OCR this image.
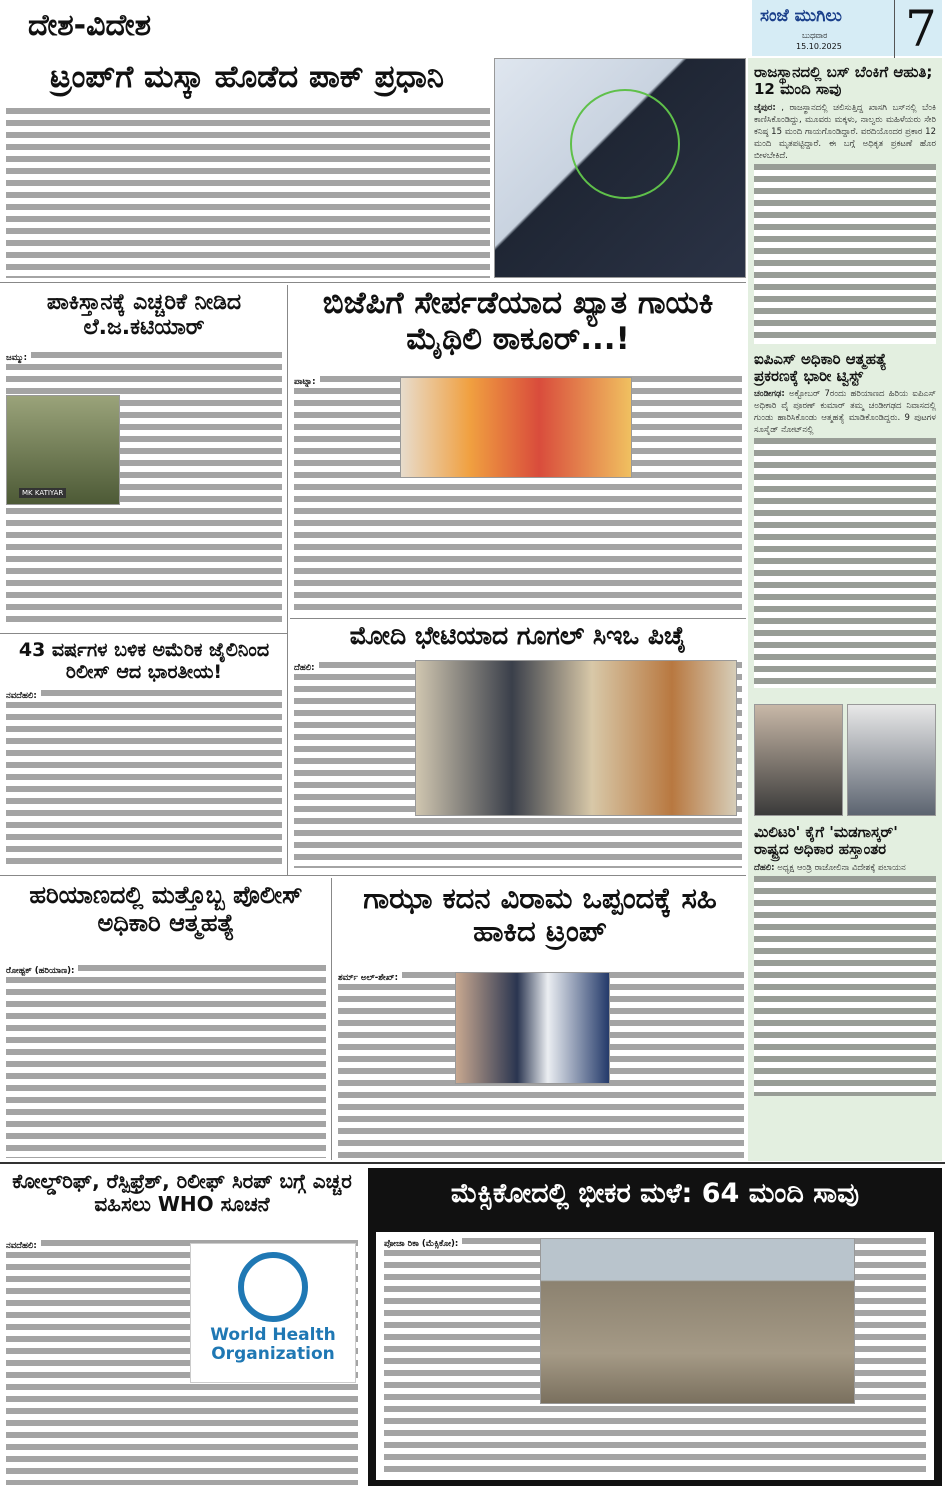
ದೇಶ-ವಿದೇಶ	ಸಂಜೆ ಮುಗಿಲು
ಬುಧವಾರ
15.10.2025 7
ಟ್ರಂಪ್‌ಗೆ ಮಸ್ಕಾ ಹೊಡೆದ ಪಾಕ್ ಪ್ರಧಾನಿ	ರಾಜಸ್ಥಾನದಲ್ಲಿ ಬಸ್ ಬೆಂಕಿಗೆ ಆಹುತಿ; 12 ಮಂದಿ ಸಾವು
ಜೈಪುರ: , ರಾಜಸ್ಥಾನದಲ್ಲಿ ಚಲಿಸುತ್ತಿದ್ದ ಖಾಸಗಿ ಬಸ್‌ನಲ್ಲಿ ಬೆಂಕಿ ಕಾಣಿಸಿಕೊಂಡಿದ್ದು, ಮೂವರು ಮಕ್ಕಳು, ನಾಲ್ವರು ಮಹಿಳೆಯರು ಸೇರಿ ಕನಿಷ್ಠ 15 ಮಂದಿ ಗಾಯಗೊಂಡಿದ್ದಾರೆ. ವರದಿಯೊಂದರ ಪ್ರಕಾರ 12 ಮಂದಿ ಮೃತಪಟ್ಟಿದ್ದಾರೆ. ಈ ಬಗ್ಗೆ ಅಧಿಕೃತ ಪ್ರಕಟಣೆ ಹೊರ ಬೀಳಬೇಕಿದೆ.
ಐಪಿಎಸ್ ಅಧಿಕಾರಿ ಆತ್ಮಹತ್ಯೆ ಪ್ರಕರಣಕ್ಕೆ ಭಾರೀ ಟ್ವಿಸ್ಟ್
ಚಂಡೀಗಢ: ಅಕ್ಟೋಬರ್ 7ರಂದು ಹರಿಯಾಣದ ಹಿರಿಯ ಐಪಿಎಸ್ ಅಧಿಕಾರಿ ವೈ ಪೂರಣ್ ಕುಮಾರ್ ತಮ್ಮ ಚಂಡೀಗಢದ ನಿವಾಸದಲ್ಲಿ ಗುಂಡು ಹಾರಿಸಿಕೊಂಡು ಆತ್ಮಹತ್ಯೆ ಮಾಡಿಕೊಂಡಿದ್ದರು. 9 ಪುಟಗಳ ಸೂಸೈಡ್ ನೋಟ್‌ನಲ್ಲಿ
ಮಿಲಿಟರಿ' ಕೈಗೆ 'ಮಡಗಾಸ್ಕರ್' ರಾಷ್ಟ್ರದ ಅಧಿಕಾರ ಹಸ್ತಾಂತರ
ದೆಹಲಿ: ಅಧ್ಯಕ್ಷ ಆಂಡ್ರಿ ರಾಜೋಲಿನಾ ವಿದೇಶಕ್ಕೆ ಪಲಾಯನ
ಪಾಕಿಸ್ತಾನಕ್ಕೆ ಎಚ್ಚರಿಕೆ ನೀಡಿದ ಲೆ.ಜ.ಕಟಿಯಾರ್
ಜಮ್ಮು:
MK KATIYAR
ಬಿಜೆಪಿಗೆ ಸೇರ್ಪಡೆಯಾದ ಖ್ಯಾತ ಗಾಯಕಿ ಮೈಥಿಲಿ ಠಾಕೂರ್...!
ಪಾಟ್ನಾ:
43 ವರ್ಷಗಳ ಬಳಿಕ ಅಮೆರಿಕ ಜೈಲಿನಿಂದ ರಿಲೀಸ್ ಆದ ಭಾರತೀಯ!
ನವದೆಹಲಿ:
ಮೋದಿ ಭೇಟಿಯಾದ ಗೂಗಲ್ ಸಿಇಒ ಪಿಚೈ
ದೆಹಲಿ:
ಹರಿಯಾಣದಲ್ಲಿ ಮತ್ತೊಬ್ಬ ಪೊಲೀಸ್ ಅಧಿಕಾರಿ ಆತ್ಮಹತ್ಯೆ
ರೋಹ್ಟಕ್ (ಹರಿಯಾಣ):
ಗಾಝಾ ಕದನ ವಿರಾಮ ಒಪ್ಪಂದಕ್ಕೆ ಸಹಿ ಹಾಕಿದ ಟ್ರಂಪ್
ಶರ್ಮ್ ಅಲ್-ಶೇಖ್:
ಕೋಲ್ಡ್‌ರಿಫ್, ರೆಸ್ಪಿಫ್ರೆಶ್, ರಿಲೀಫ್ ಸಿರಪ್ ಬಗ್ಗೆ ಎಚ್ಚರ ವಹಿಸಲು WHO ಸೂಚನೆ
ನವದೆಹಲಿ:
World Health Organization
ಮೆಕ್ಸಿಕೋದಲ್ಲಿ ಭೀಕರ ಮಳೆ: 64 ಮಂದಿ ಸಾವು
ಪೋಜಾ ರಿಕಾ (ಮೆಕ್ಸಿಕೋ):
